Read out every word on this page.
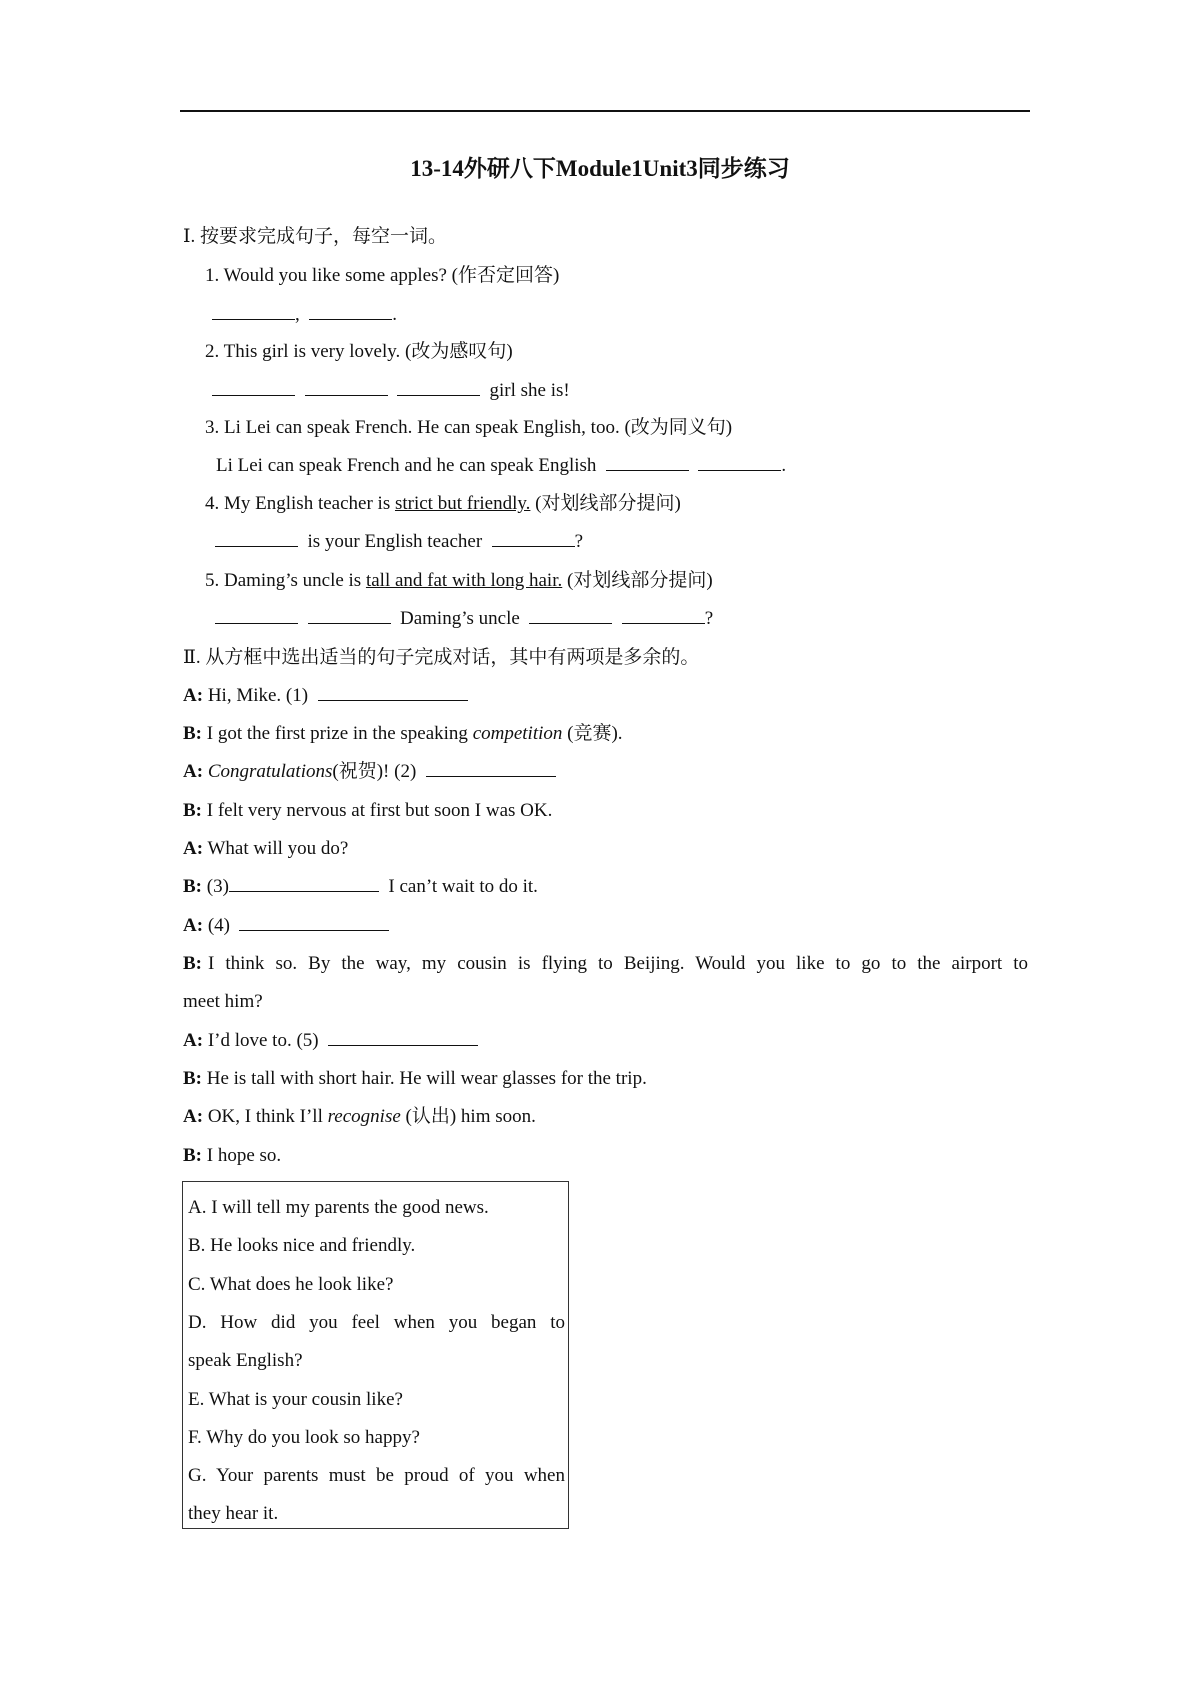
13-14外研八下Module1Unit3同步练习
Ⅰ. 按要求完成句子，每空一词。
1. Would you like some apples? (作否定回答)
,	.
2. This girl is very lovely. (改为感叹句)
girl she is!
3. Li Lei can speak French. He can speak English, too. (改为同义句)
Li Lei can speak French and he can speak English	.
4. My English teacher is strict but friendly. (对划线部分提问)
is your English teacher	?
5. Daming’s uncle is tall and fat with long hair. (对划线部分提问)
Daming’s uncle	?
Ⅱ. 从方框中选出适当的句子完成对话，其中有两项是多余的。
A: Hi, Mike. (1)
B: I got the first prize in the speaking competition (竞赛).
A: Congratulations(祝贺)! (2)
B: I felt very nervous at first but soon I was OK.
A: What will you do?
B: (3)	I can’t wait to do it.
A: (4)
B: I think so. By the way, my cousin is flying to Beijing. Would you like to go to the airport to
meet him?
A: I’d love to. (5)
B: He is tall with short hair. He will wear glasses for the trip.
A: OK, I think I’ll recognise (认出) him soon.
B: I hope so.
A. I will tell my parents the good news.
B. He looks nice and friendly.
C. What does he look like?
D. How did you feel when you began to
speak English?
E. What is your cousin like?
F. Why do you look so happy?
G. Your parents must be proud of you when
they hear it.
